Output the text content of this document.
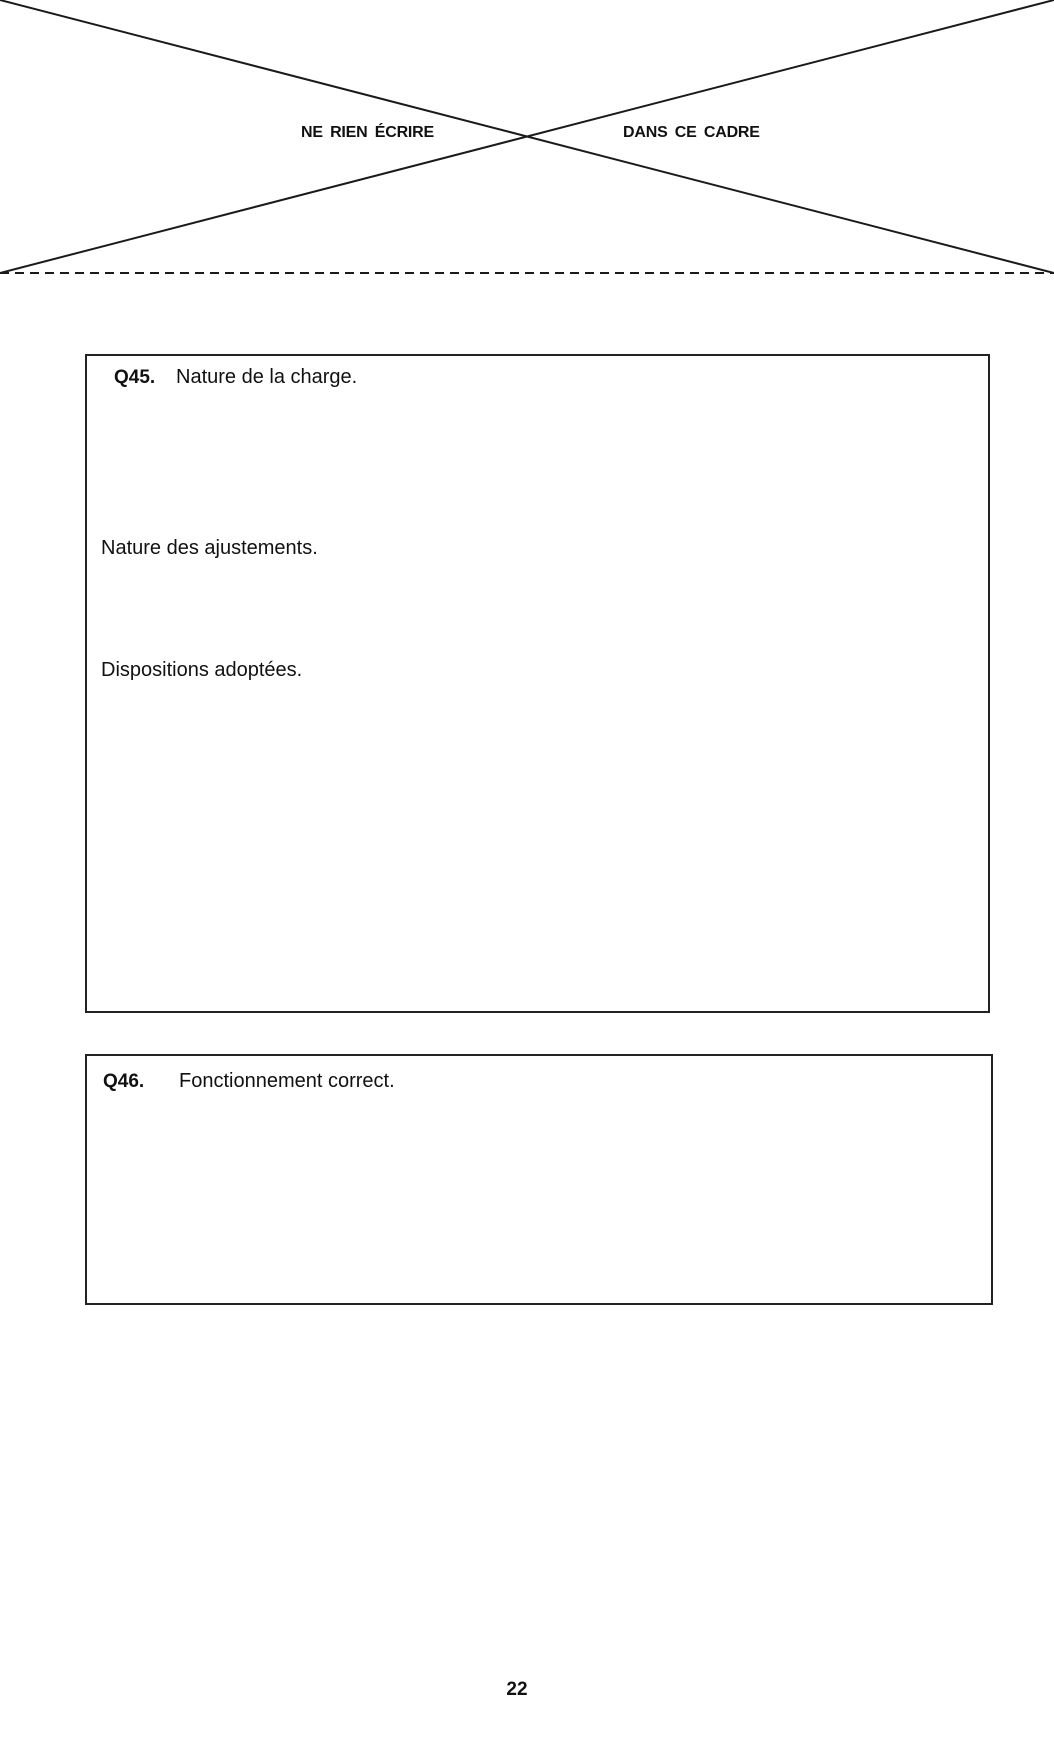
NE RIEN ÉCRIRE	DANS CE CADRE
Q45. Nature de la charge.
Nature des ajustements.
Dispositions adoptées.
Q46. Fonctionnement correct.
22
